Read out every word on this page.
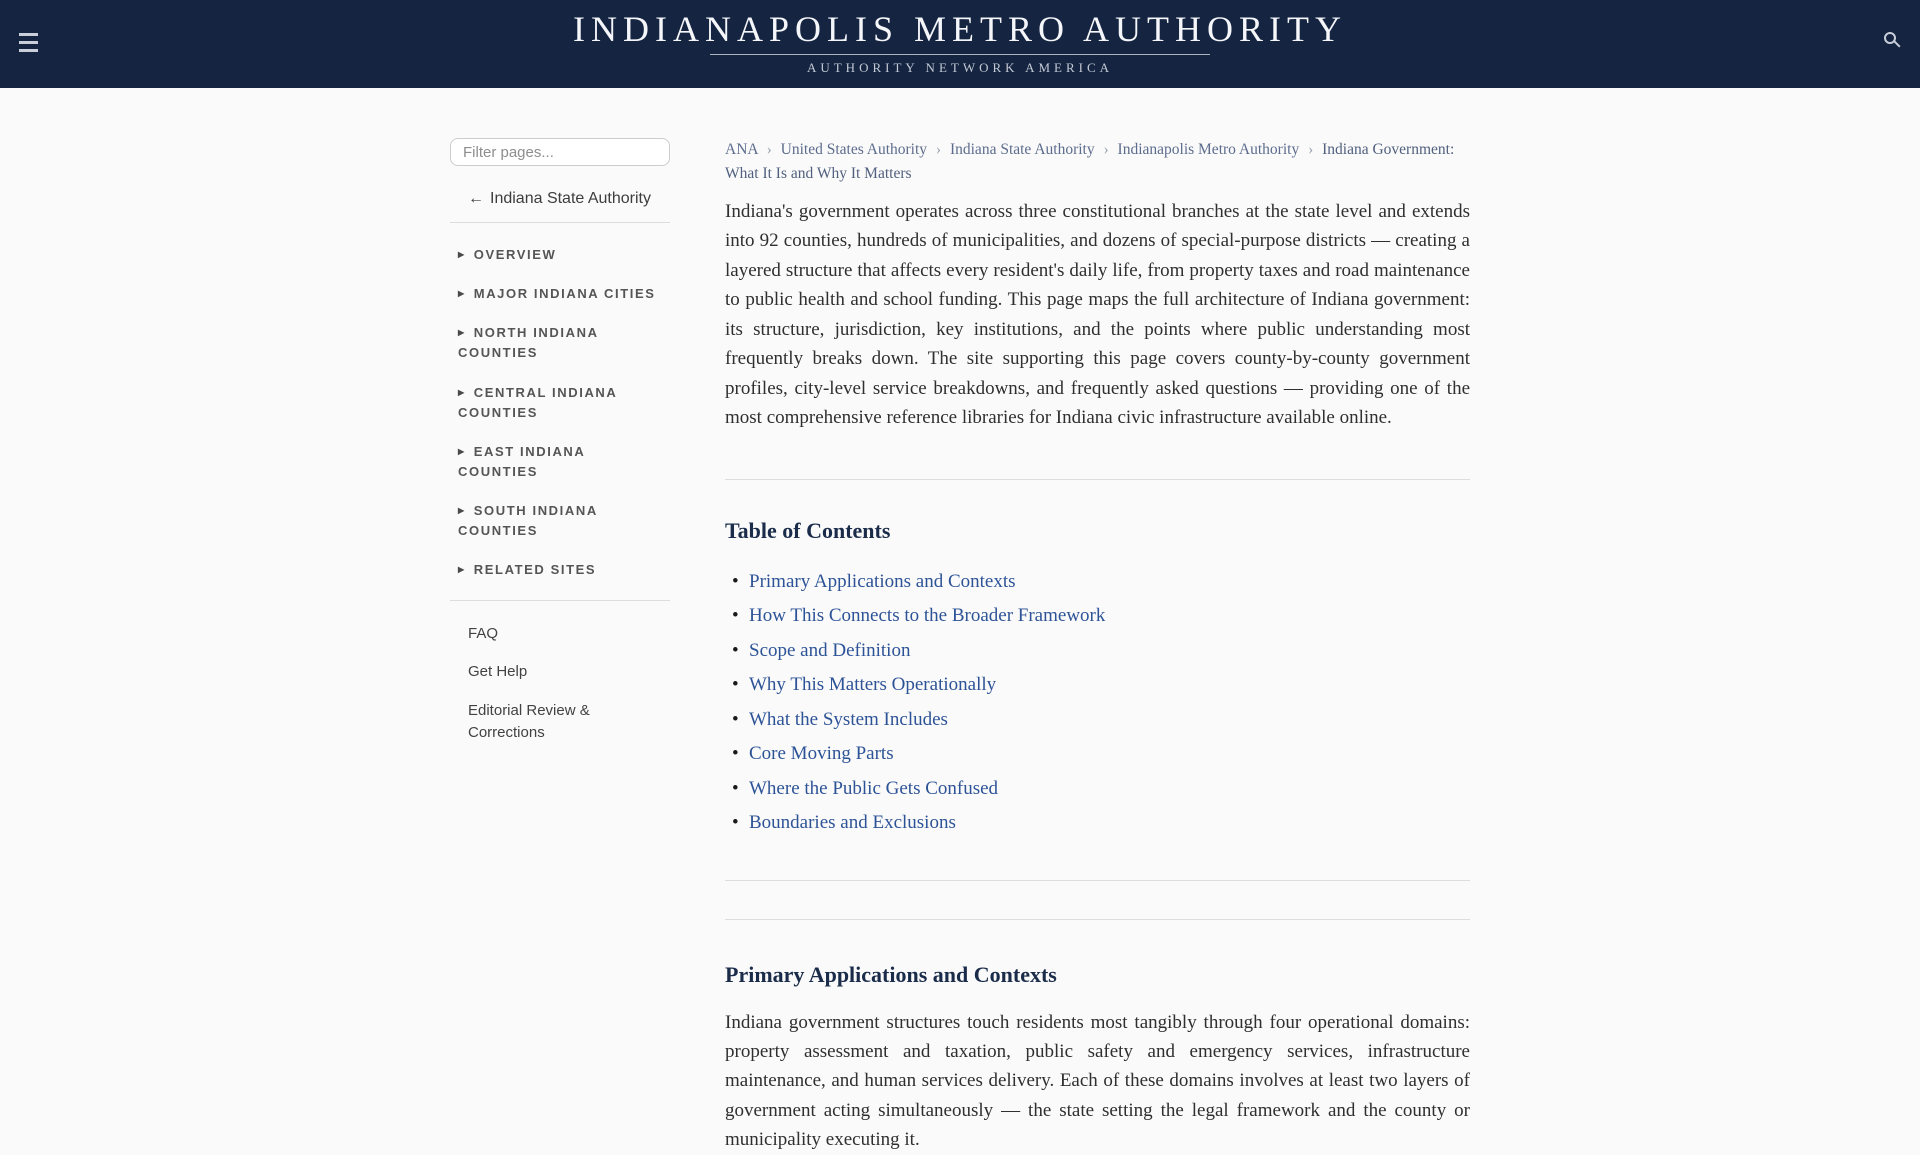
INDIANAPOLIS METRO AUTHORITY
AUTHORITY NETWORK AMERICA
Filter pages...
← Indiana State Authority
▶ OVERVIEW
▶ MAJOR INDIANA CITIES
▶ NORTH INDIANA COUNTIES
▶ CENTRAL INDIANA COUNTIES
▶ EAST INDIANA COUNTIES
▶ SOUTH INDIANA COUNTIES
▶ RELATED SITES
FAQ
Get Help
Editorial Review & Corrections
ANA › United States Authority › Indiana State Authority › Indianapolis Metro Authority › Indiana Government: What It Is and Why It Matters

Indiana's government operates across three constitutional branches at the state level and extends into 92 counties, hundreds of municipalities, and dozens of special-purpose districts — creating a layered structure that affects every resident's daily life, from property taxes and road maintenance to public health and school funding. This page maps the full architecture of Indiana government: its structure, jurisdiction, key institutions, and the points where public understanding most frequently breaks down. The site supporting this page covers county-by-county government profiles, city-level service breakdowns, and frequently asked questions — providing one of the most comprehensive reference libraries for Indiana civic infrastructure available online.

Table of Contents
• Primary Applications and Contexts
• How This Connects to the Broader Framework
• Scope and Definition
• Why This Matters Operationally
• What the System Includes
• Core Moving Parts
• Where the Public Gets Confused
• Boundaries and Exclusions
Primary Applications and Contexts

Indiana government structures touch residents most tangibly through four operational domains: property assessment and taxation, public safety and emergency services, infrastructure maintenance, and human services delivery. Each of these domains involves at least two layers of government acting simultaneously — the state setting the legal framework and the county or municipality executing it.
